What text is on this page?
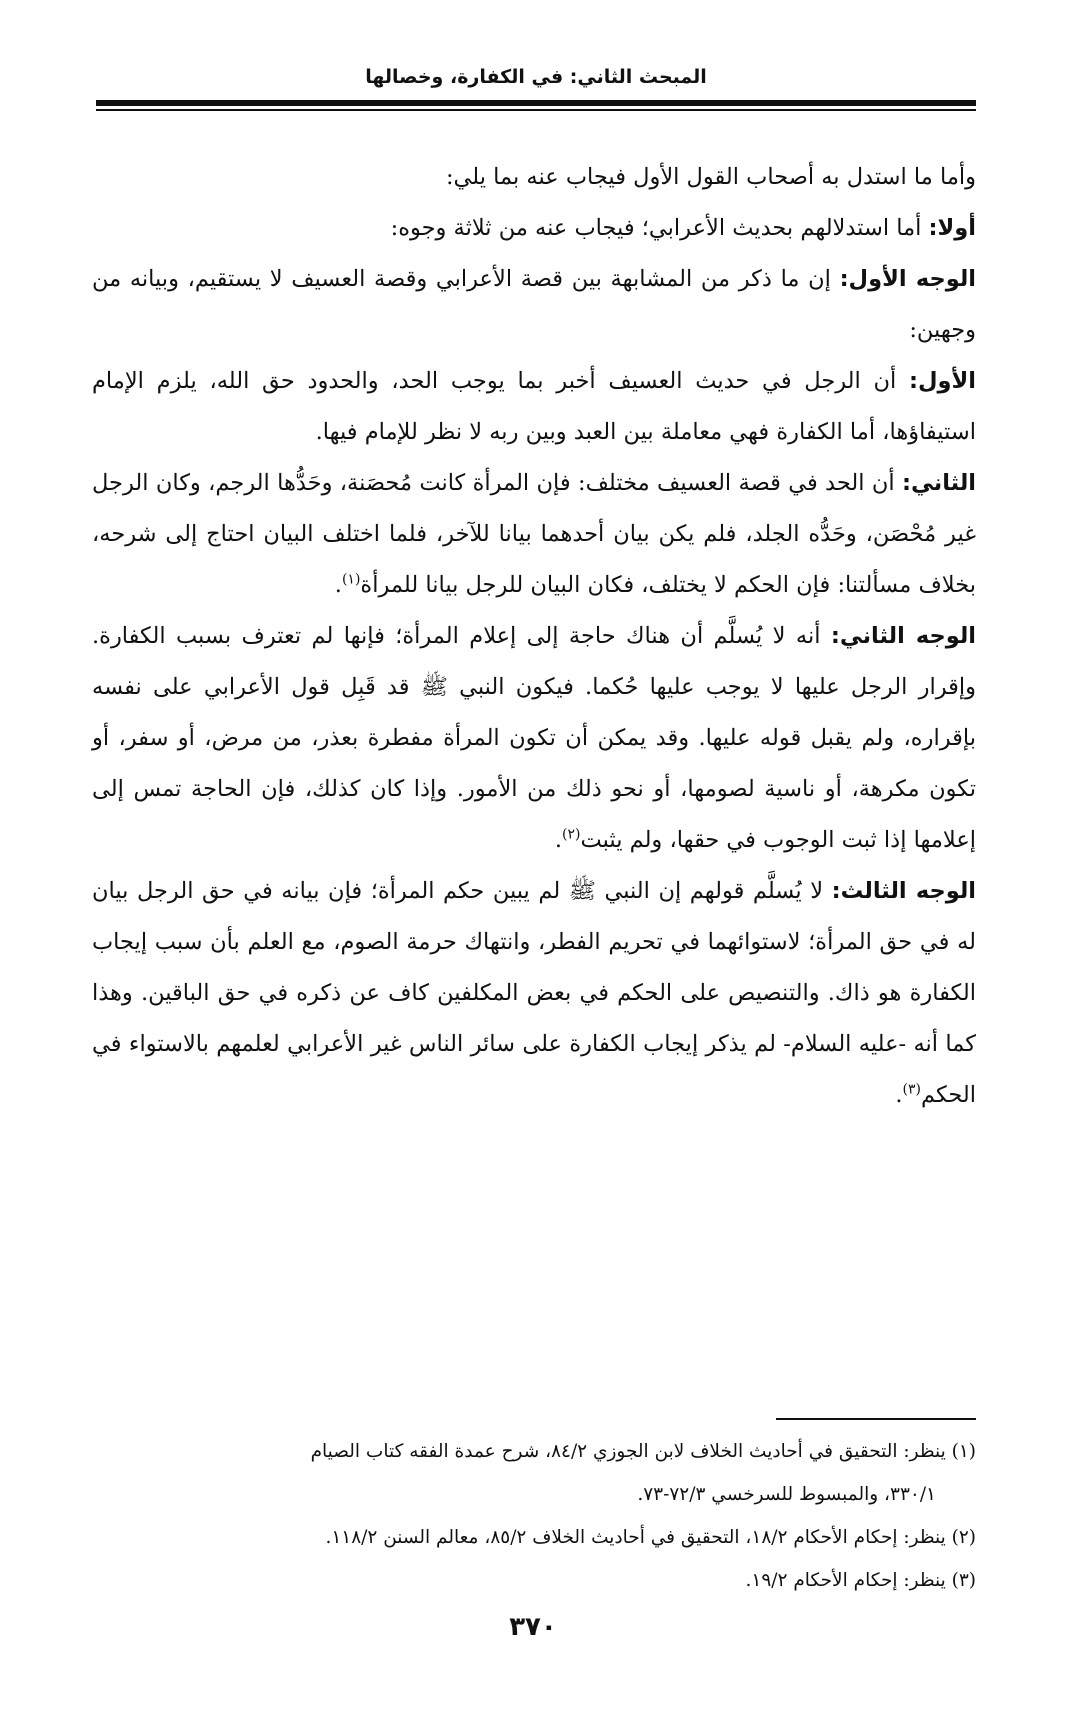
المبحث الثاني: في الكفارة، وخصالها

وأما ما استدل به أصحاب القول الأول فيجاب عنه بما يلي:

أولا: أما استدلالهم بحديث الأعرابي؛ فيجاب عنه من ثلاثة وجوه:

الوجه الأول: إن ما ذكر من المشابهة بين قصة الأعرابي وقصة العسيف لا يستقيم، وبيانه من وجهين:

الأول: أن الرجل في حديث العسيف أخبر بما يوجب الحد، والحدود حق الله، يلزم الإمام استيفاؤها، أما الكفارة فهي معاملة بين العبد وبين ربه لا نظر للإمام فيها.

الثاني: أن الحد في قصة العسيف مختلف: فإن المرأة كانت مُحصَنة، وحَدُّها الرجم، وكان الرجل غير مُحْصَن، وحَدُّه الجلد، فلم يكن بيان أحدهما بيانا للآخر، فلما اختلف البيان احتاج إلى شرحه، بخلاف مسألتنا: فإن الحكم لا يختلف، فكان البيان للرجل بيانا للمرأة$^{(١)}$.

الوجه الثاني: أنه لا يُسلَّم أن هناك حاجة إلى إعلام المرأة؛ فإنها لم تعترف بسبب الكفارة. وإقرار الرجل عليها لا يوجب عليها حُكما. فيكون النبي ﷺ قد قَبِل قول الأعرابي على نفسه بإقراره، ولم يقبل قوله عليها. وقد يمكن أن تكون المرأة مفطرة بعذر، من مرض، أو سفر، أو تكون مكرهة، أو ناسية لصومها، أو نحو ذلك من الأمور. وإذا كان كذلك، فإن الحاجة تمس إلى إعلامها إذا ثبت الوجوب في حقها، ولم يثبت$^{(٢)}$.

الوجه الثالث: لا يُسلَّم قولهم إن النبي ﷺ لم يبين حكم المرأة؛ فإن بيانه في حق الرجل بيان له في حق المرأة؛ لاستوائهما في تحريم الفطر، وانتهاك حرمة الصوم، مع العلم بأن سبب إيجاب الكفارة هو ذاك. والتنصيص على الحكم في بعض المكلفين كاف عن ذكره في حق الباقين. وهذا كما أنه -عليه السلام- لم يذكر إيجاب الكفارة على سائر الناس غير الأعرابي لعلمهم بالاستواء في الحكم$^{(٣)}$.

(١) ينظر: التحقيق في أحاديث الخلاف لابن الجوزي ٨٤/٢، شرح عمدة الفقه كتاب الصيام

٣٣٠/١، والمبسوط للسرخسي ٧٢/٣-٧٣.

(٢) ينظر: إحكام الأحكام ١٨/٢، التحقيق في أحاديث الخلاف ٨٥/٢، معالم السنن ١١٨/٢.

(٣) ينظر: إحكام الأحكام ١٩/٢.

٣٧٠
